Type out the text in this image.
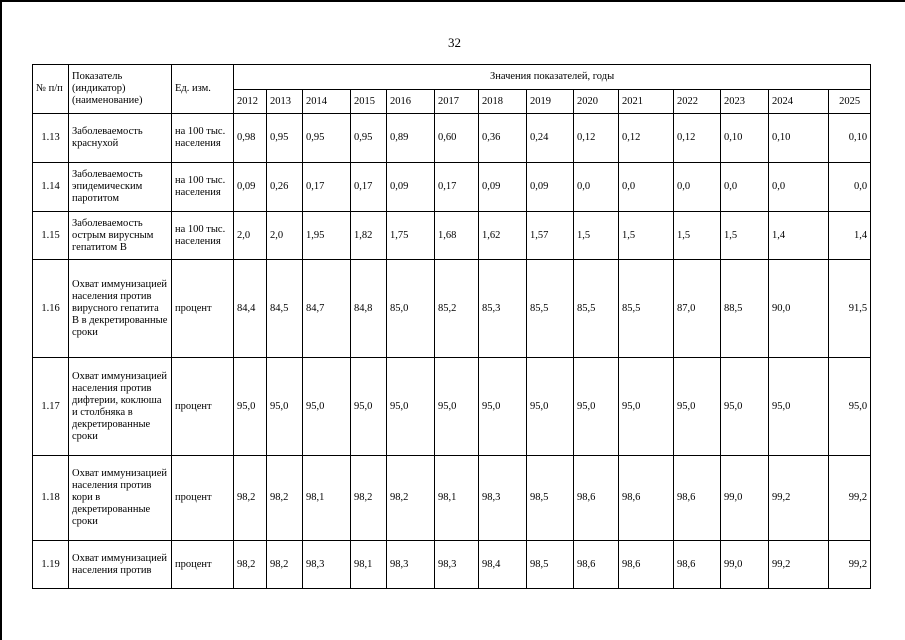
32
№ п/п	Показатель (индикатор) (наименование)	Ед. изм.	Значения показателей, годы													
			2012	2013	2014	2015	2016	2017	2018	2019	2020	2021	2022	2023	2024	2025
1.13	Заболеваемость краснухой	на 100 тыс. населения	0,98	0,95	0,95	0,95	0,89	0,60	0,36	0,24	0,12	0,12	0,12	0,10	0,10	0,10
1.14	Заболеваемость эпидемическим паротитом	на 100 тыс. населения	0,09	0,26	0,17	0,17	0,09	0,17	0,09	0,09	0,0	0,0	0,0	0,0	0,0	0,0
1.15	Заболеваемость острым вирусным гепатитом В	на 100 тыс. населения	2,0	2,0	1,95	1,82	1,75	1,68	1,62	1,57	1,5	1,5	1,5	1,5	1,4	1,4
1.16	Охват иммунизацией населения против вирусного гепатита В в декретированные сроки	процент	84,4	84,5	84,7	84,8	85,0	85,2	85,3	85,5	85,5	85,5	87,0	88,5	90,0	91,5
1.17	Охват иммунизацией населения против дифтерии, коклюша и столбняка в декретированные сроки	процент	95,0	95,0	95,0	95,0	95,0	95,0	95,0	95,0	95,0	95,0	95,0	95,0	95,0	95,0
1.18	Охват иммунизацией населения против кори в декретированные сроки	процент	98,2	98,2	98,1	98,2	98,2	98,1	98,3	98,5	98,6	98,6	98,6	99,0	99,2	99,2
1.19	Охват иммунизацией населения против	процент	98,2	98,2	98,3	98,1	98,3	98,3	98,4	98,5	98,6	98,6	98,6	99,0	99,2	99,2
